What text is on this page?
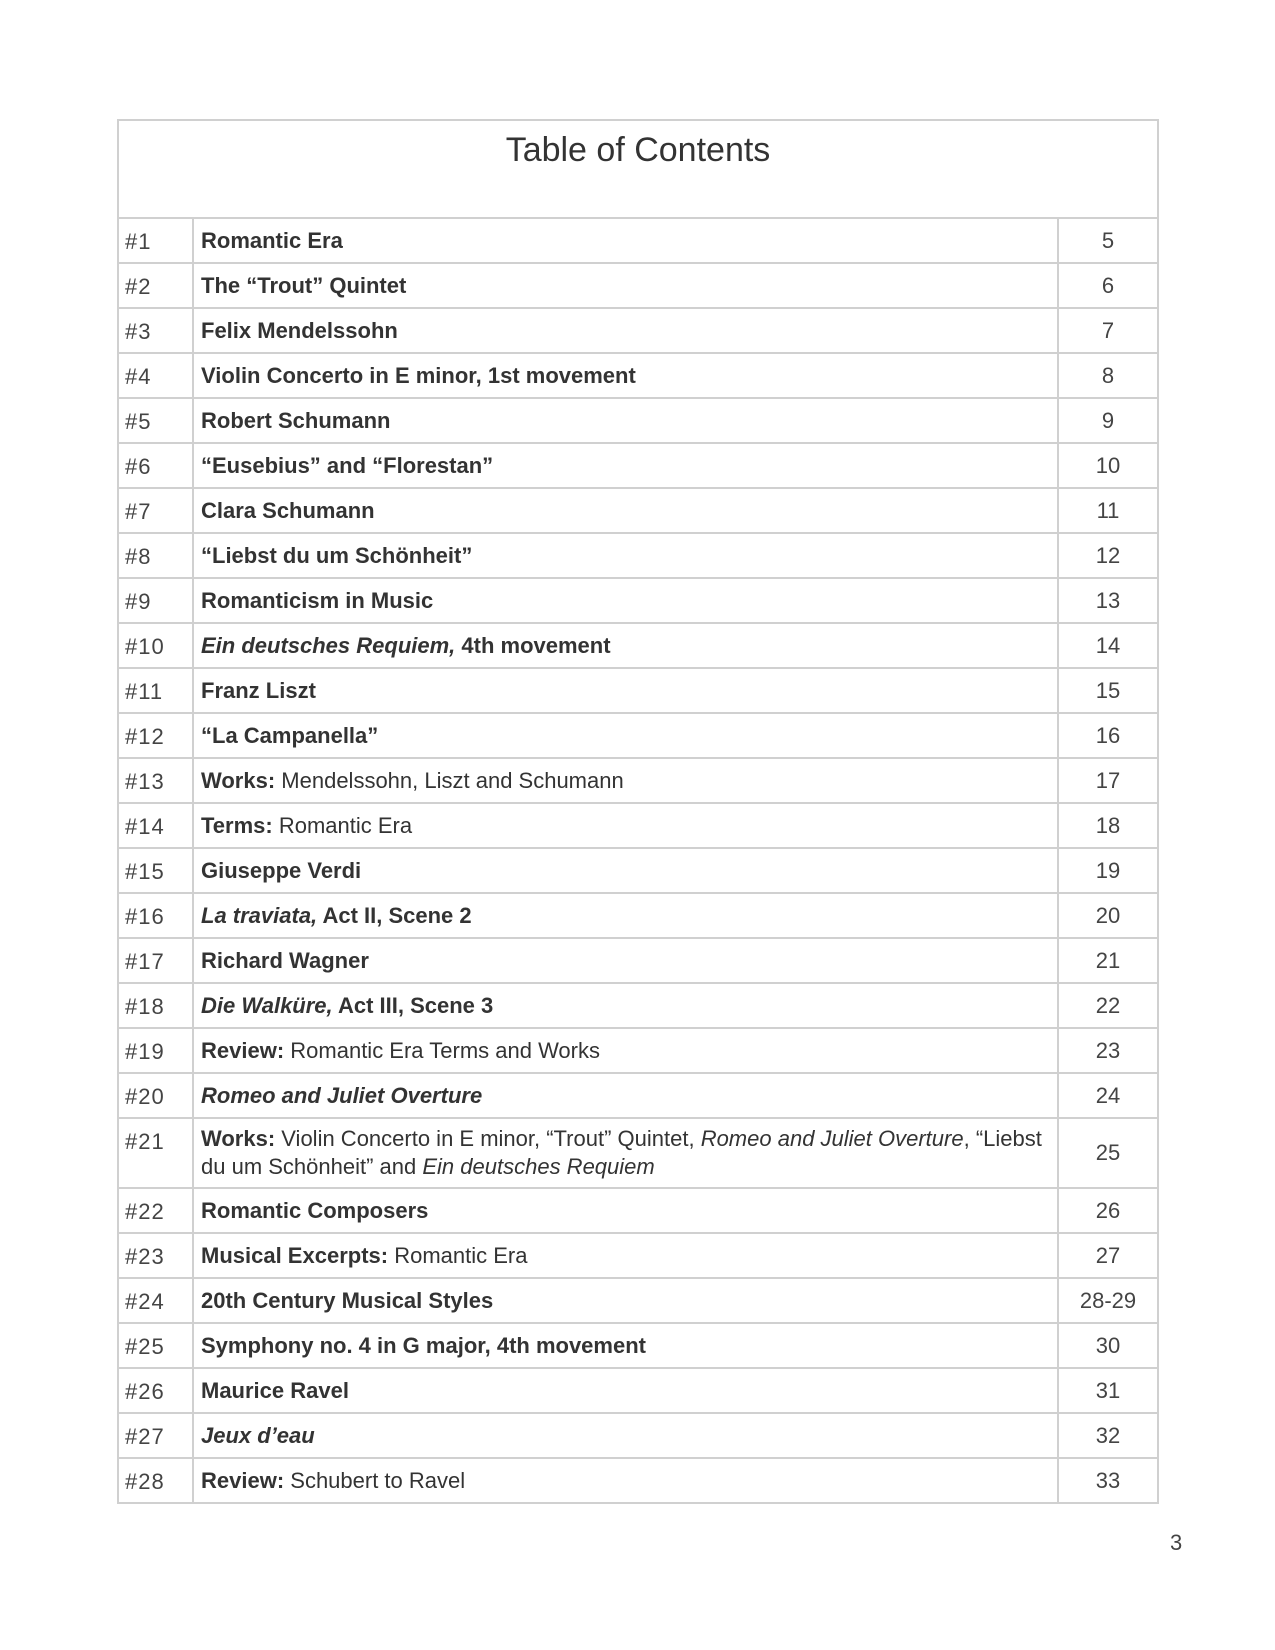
Table of Contents		

#1	Romantic Era	5
#2	The “Trout” Quintet	6
#3	Felix Mendelssohn	7
#4	Violin Concerto in E minor, 1st movement	8
#5	Robert Schumann	9
#6	“Eusebius” and “Florestan”	10
#7	Clara Schumann	11
#8	“Liebst du um Schönheit”	12
#9	Romanticism in Music	13
#10	Ein deutsches Requiem, 4th movement	14
#11	Franz Liszt	15
#12	“La Campanella”	16
#13	Works: Mendelssohn, Liszt and Schumann	17
#14	Terms: Romantic Era	18
#15	Giuseppe Verdi	19
#16	La traviata, Act II, Scene 2	20
#17	Richard Wagner	21
#18	Die Walküre, Act III, Scene 3	22
#19	Review: Romantic Era Terms and Works	23
#20	Romeo and Juliet Overture	24
#21	Works: Violin Concerto in E minor, “Trout” Quintet, Romeo and Juliet Overture, “Liebst du um Schönheit” and Ein deutsches Requiem	25
#22	Romantic Composers	26
#23	Musical Excerpts: Romantic Era	27
#24	20th Century Musical Styles	28-29
#25	Symphony no. 4 in G major, 4th movement	30
#26	Maurice Ravel	31
#27	Jeux d’eau	32
#28	Review: Schubert to Ravel	33
3
